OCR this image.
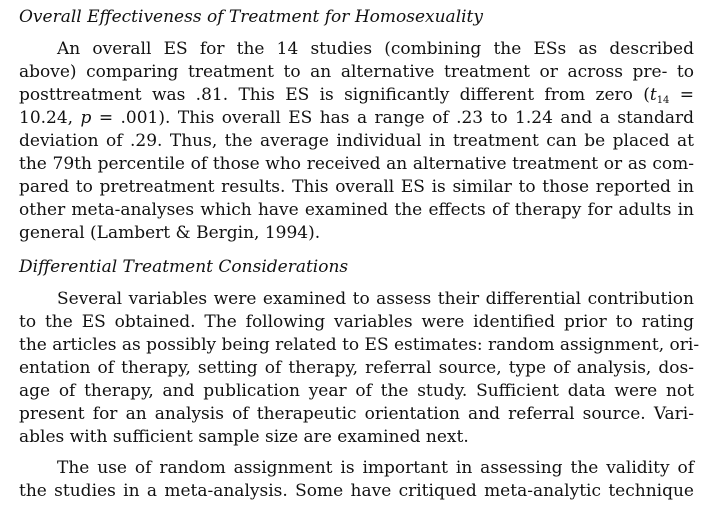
Overall Effectiveness of Treatment for Homosexuality
An overall ES for the 14 studies (combining the ESs as described
above) comparing treatment to an alternative treatment or across pre- to
posttreatment was .81. This ES is significantly different from zero ($t_{14}$ =
10.24, p = .001). This overall ES has a range of .23 to 1.24 and a standard
deviation of .29. Thus, the average individual in treatment can be placed at
the 79th percentile of those who received an alternative treatment or as com-
pared to pretreatment results. This overall ES is similar to those reported in
other meta-analyses which have examined the effects of therapy for adults in
general (Lambert & Bergin, 1994).
Differential Treatment Considerations
Several variables were examined to assess their differential contribution
to the ES obtained. The following variables were identified prior to rating
the articles as possibly being related to ES estimates: random assignment, ori-
entation of therapy, setting of therapy, referral source, type of analysis, dos-
age of therapy, and publication year of the study. Sufficient data were not
present for an analysis of therapeutic orientation and referral source. Vari-
ables with sufficient sample size are examined next.
The use of random assignment is important in assessing the validity of
the studies in a meta-analysis. Some have critiqued meta-analytic technique
